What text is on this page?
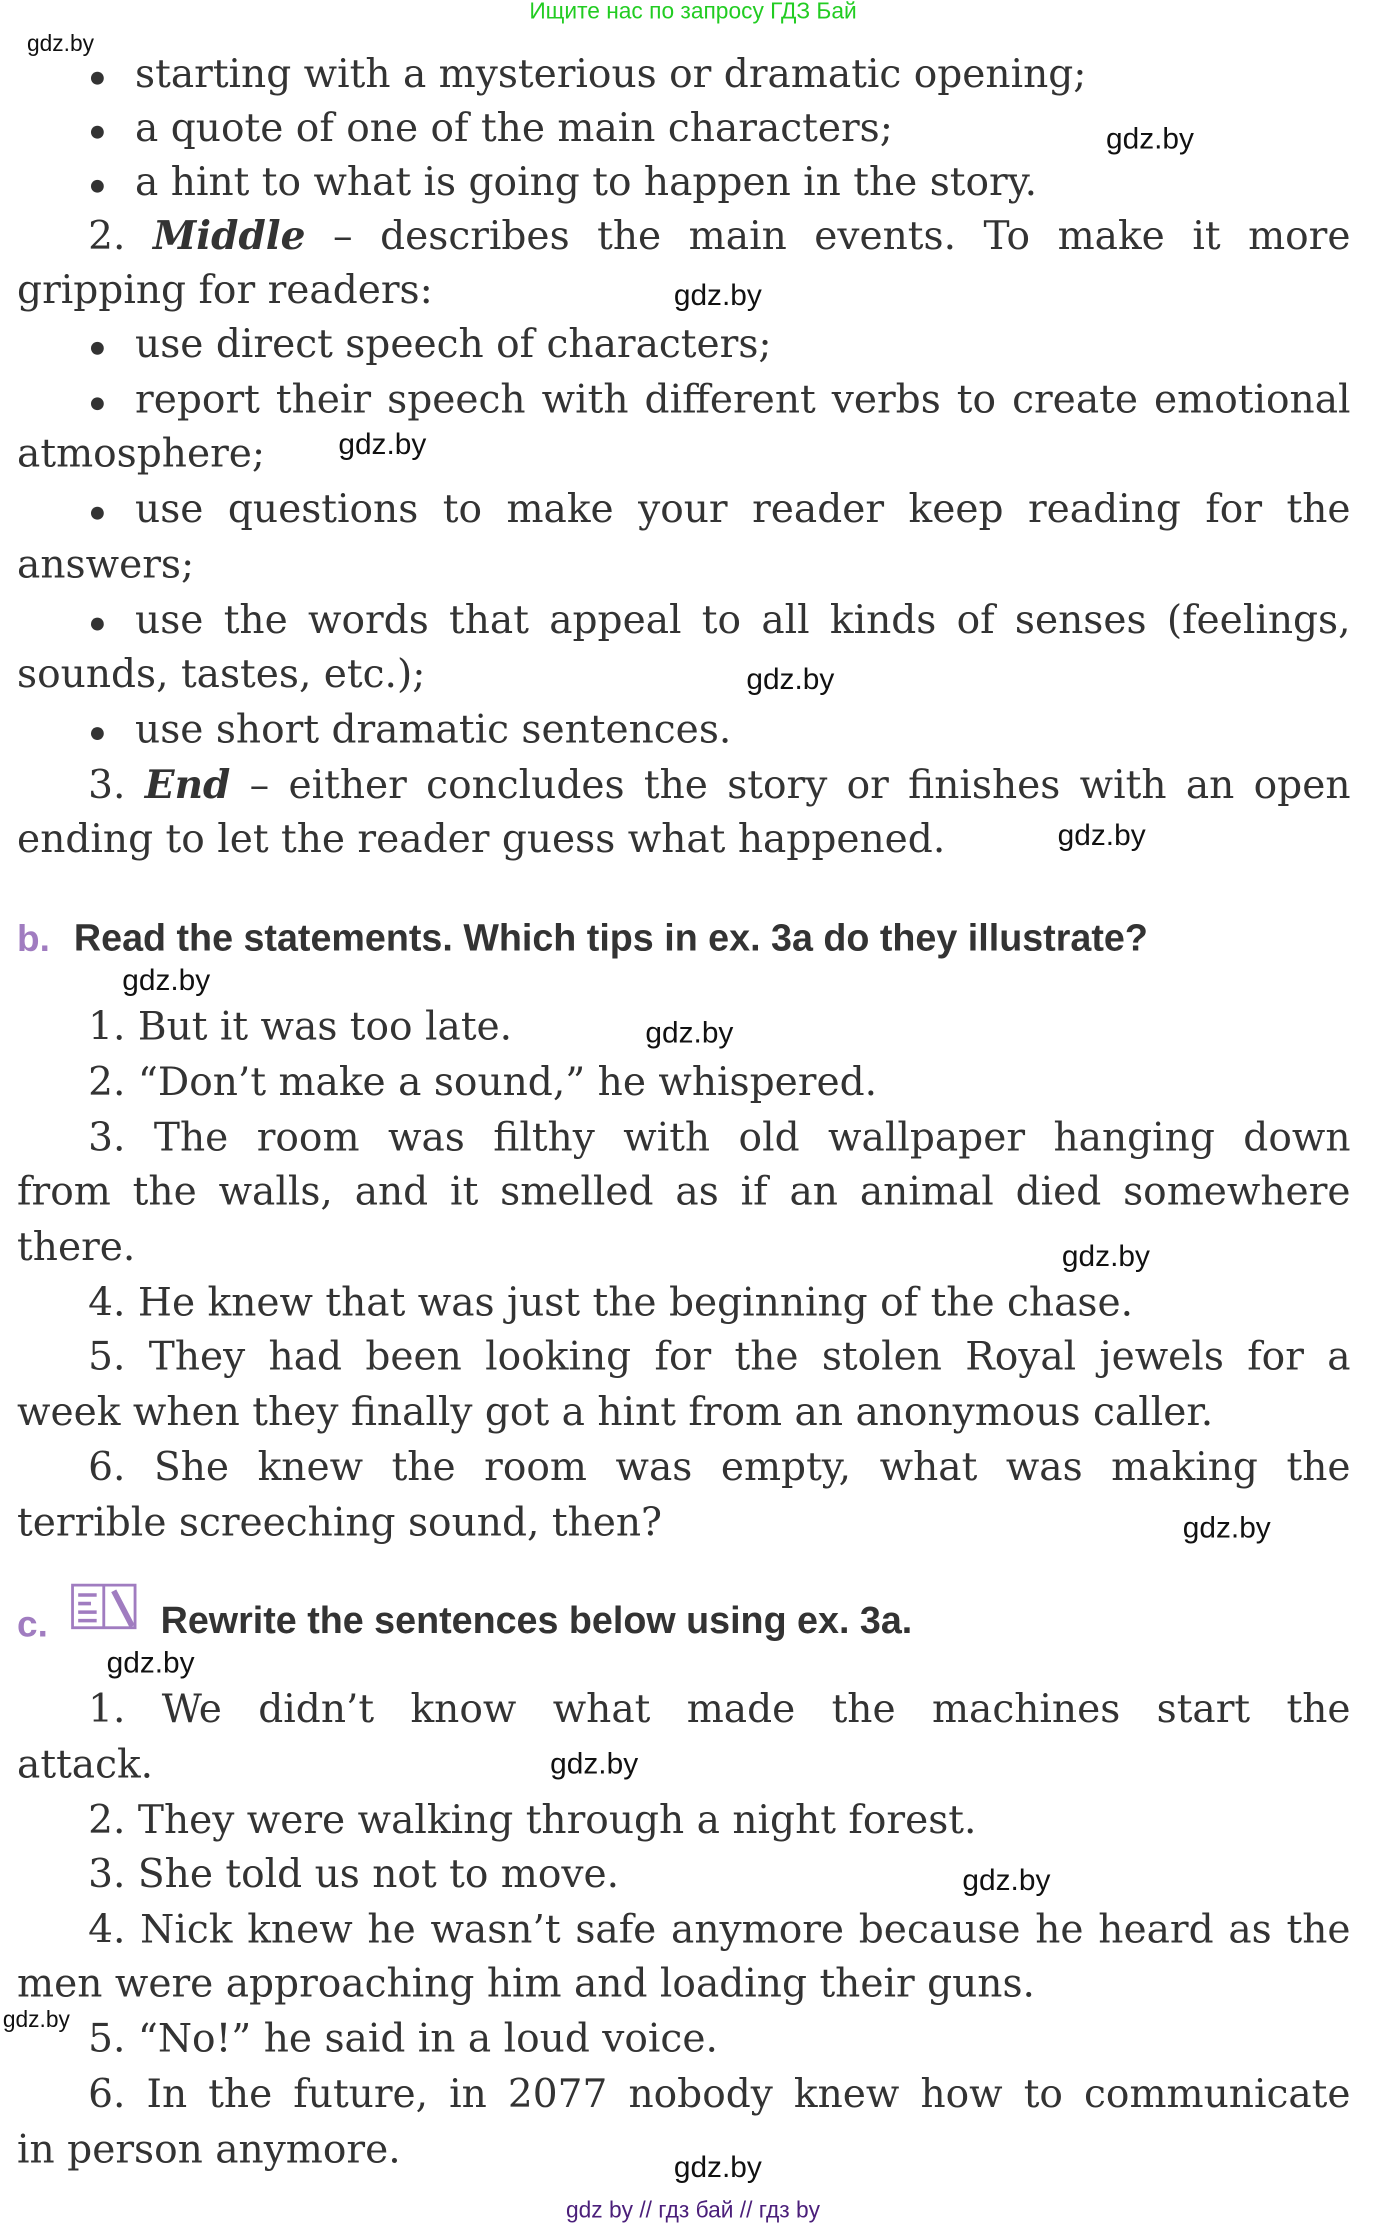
Ищите нас по запросу ГДЗ Бай
gdz.by
starting with a mysterious or dramatic opening;
a quote of one of the main characters;	gdz.by
a hint to what is going to happen in the story.
2. Middle – describes the main events. To make it more
gripping for readers:	gdz.by
use direct speech of characters;
report their speech with different verbs to create emotional
atmosphere;	gdz.by
use questions to make your reader keep reading for the
answers;
use the words that appeal to all kinds of senses (feelings,
sounds, tastes, etc.);	gdz.by
use short dramatic sentences.
3. End – either concludes the story or finishes with an open
ending to let the reader guess what happened.	gdz.by
b. Read the statements. Which tips in ex. 3a do they illustrate?
gdz.by
1. But it was too late.	gdz.by
2. “Don’t make a sound,” he whispered.
3. The room was filthy with old wallpaper hanging down
from the walls, and it smelled as if an animal died somewhere
there.	gdz.by
4. He knew that was just the beginning of the chase.
5. They had been looking for the stolen Royal jewels for a
week when they finally got a hint from an anonymous caller.
6. She knew the room was empty, what was making the
terrible screeching sound, then?	gdz.by
c.	Rewrite the sentences below using ex. 3a.
gdz.by
1. We didn’t know what made the machines start the
attack.	gdz.by
2. They were walking through a night forest.
3. She told us not to move.	gdz.by
4. Nick knew he wasn’t safe anymore because he heard as the
men were approaching him and loading their guns.
gdz.by 5. “No!” he said in a loud voice.
6. In the future, in 2077 nobody knew how to communicate
in person anymore.	gdz.by
gdz by // гдз бай // гдз by
